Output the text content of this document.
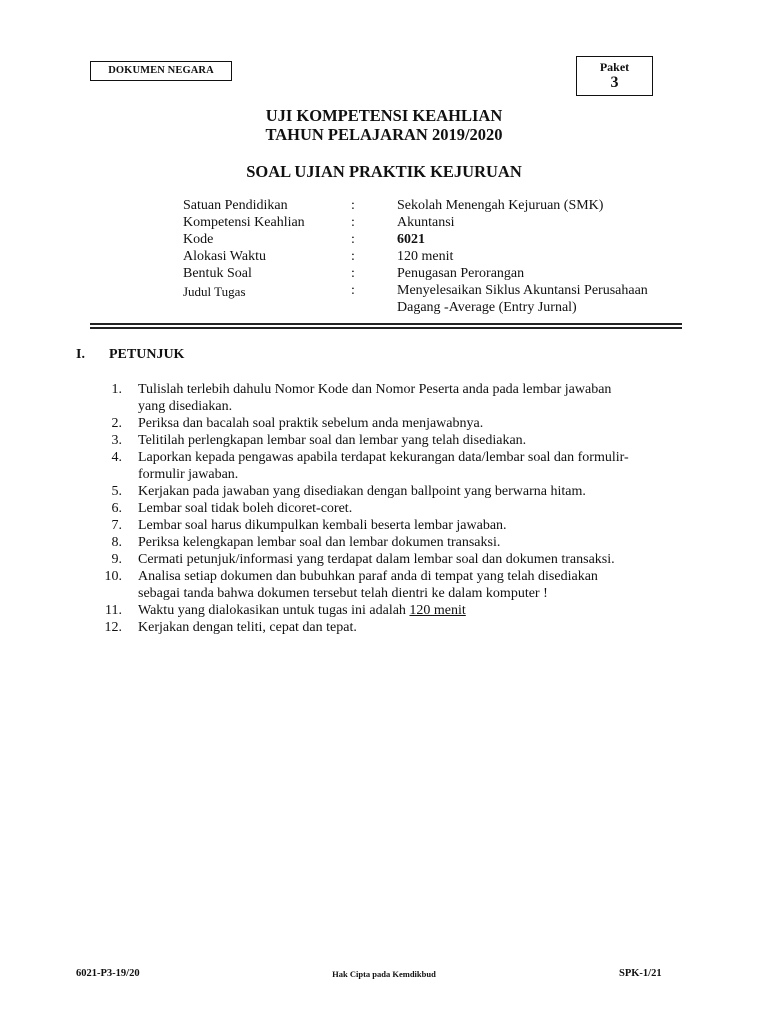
DOKUMEN NEGARA	Paket
3
UJI KOMPETENSI KEAHLIAN
TAHUN PELAJARAN 2019/2020
SOAL UJIAN PRAKTIK KEJURUAN
Satuan Pendidikan	:	Sekolah Menengah Kejuruan (SMK)
Kompetensi Keahlian	:	Akuntansi
Kode	:	6021
Alokasi Waktu	:	120 menit
Bentuk Soal	:	Penugasan Perorangan
Judul Tugas	:	Menyelesaikan Siklus Akuntansi Perusahaan
Dagang -Average (Entry Jurnal)
I. PETUNJUK
1. Tulislah terlebih dahulu Nomor Kode dan Nomor Peserta anda pada lembar jawaban
yang disediakan.
2. Periksa dan bacalah soal praktik sebelum anda menjawabnya.
3. Telitilah perlengkapan lembar soal dan lembar yang telah disediakan.
4. Laporkan kepada pengawas apabila terdapat kekurangan data/lembar soal dan formulir-
formulir jawaban.
5. Kerjakan pada jawaban yang disediakan dengan ballpoint yang berwarna hitam.
6. Lembar soal tidak boleh dicoret-coret.
7. Lembar soal harus dikumpulkan kembali beserta lembar jawaban.
8. Periksa kelengkapan lembar soal dan lembar dokumen transaksi.
9. Cermati petunjuk/informasi yang terdapat dalam lembar soal dan dokumen transaksi.
10. Analisa setiap dokumen dan bubuhkan paraf anda di tempat yang telah disediakan
sebagai tanda bahwa dokumen tersebut telah dientri ke dalam komputer !
11. Waktu yang dialokasikan untuk tugas ini adalah 120 menit
12. Kerjakan dengan teliti, cepat dan tepat.
6021-P3-19/20	Hak Cipta pada Kemdikbud	SPK-1/21
